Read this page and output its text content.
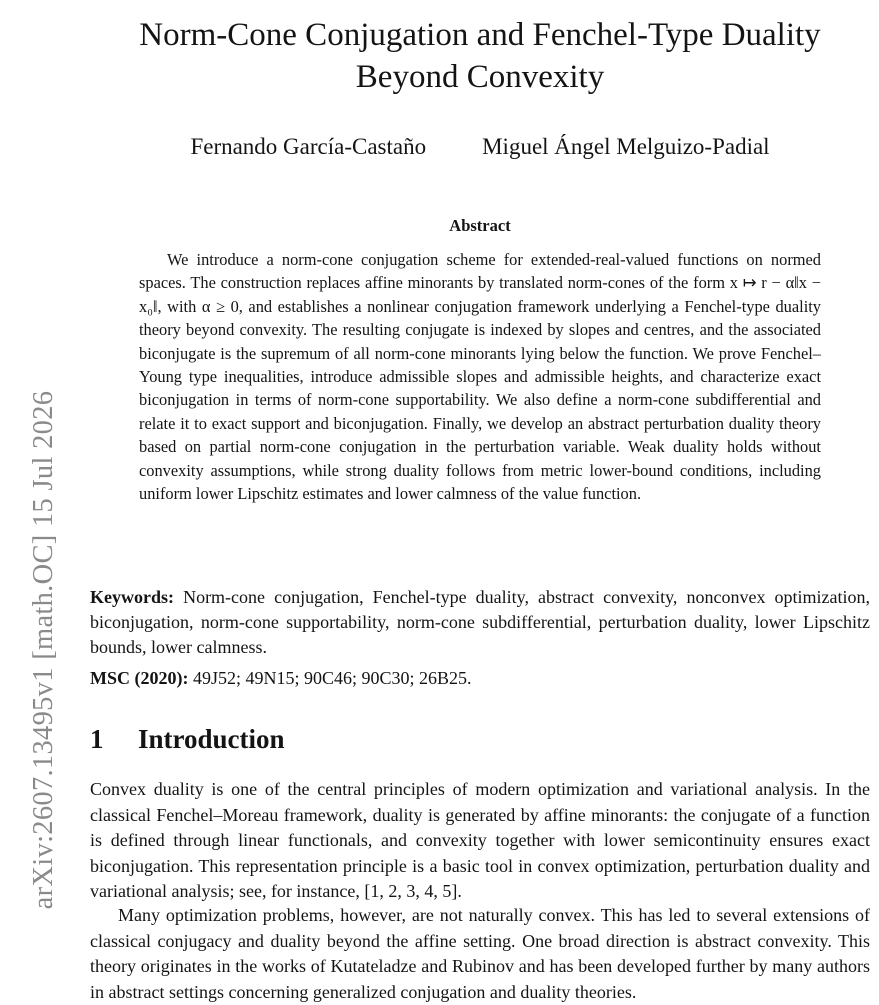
arXiv:2607.13495v1 [math.OC] 15 Jul 2026
Norm-Cone Conjugation and Fenchel-Type Duality
Beyond Convexity
Fernando García-Castaño Miguel Ángel Melguizo-Padial
Abstract

We introduce a norm-cone conjugation scheme for extended-real-valued functions on normed spaces. The construction replaces affine minorants by translated norm-cones of the form x ↦ r − α‖x − x₀‖, with α ≥ 0, and establishes a nonlinear conjugation framework underlying a Fenchel-type duality theory beyond convexity. The resulting conjugate is indexed by slopes and centres, and the associated biconjugate is the supremum of all norm-cone minorants lying below the function. We prove Fenchel–Young type inequalities, introduce admissible slopes and admissible heights, and characterize exact biconjugation in terms of norm-cone supportability. We also define a norm-cone subdifferential and relate it to exact support and biconjugation. Finally, we develop an abstract perturbation duality theory based on partial norm-cone conjugation in the perturbation variable. Weak duality holds without convexity assumptions, while strong duality follows from metric lower-bound conditions, including uniform lower Lipschitz estimates and lower calmness of the value function.

Keywords: Norm-cone conjugation, Fenchel-type duality, abstract convexity, nonconvex optimization, biconjugation, norm-cone supportability, norm-cone subdifferential, perturbation duality, lower Lipschitz bounds, lower calmness.

MSC (2020): 49J52; 49N15; 90C46; 90C30; 26B25.

1 Introduction

Convex duality is one of the central principles of modern optimization and variational analysis. In the classical Fenchel–Moreau framework, duality is generated by affine minorants: the conjugate of a function is defined through linear functionals, and convexity together with lower semicontinuity ensures exact biconjugation. This representation principle is a basic tool in convex optimization, perturbation duality and variational analysis; see, for instance, [1, 2, 3, 4, 5].

Many optimization problems, however, are not naturally convex. This has led to several extensions of classical conjugacy and duality beyond the affine setting. One broad direction is abstract convexity. This theory originates in the works of Kutateladze and Rubinov and has been developed further by many authors in abstract settings concerning generalized conjugation and duality theories.
